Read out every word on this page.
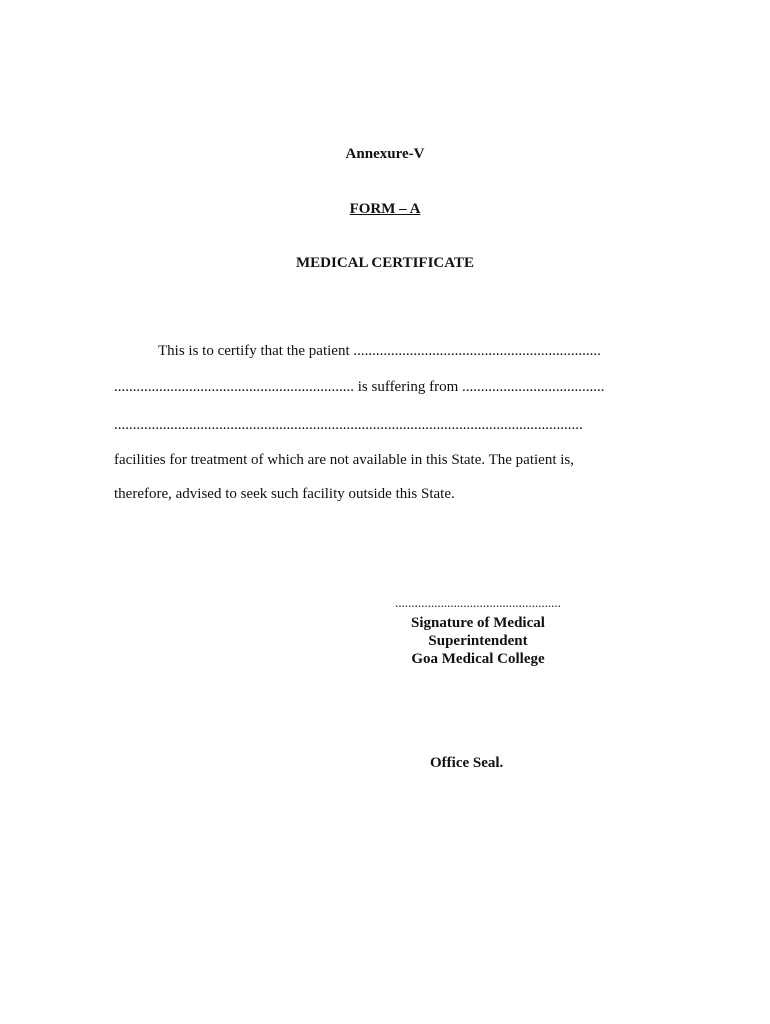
Annexure-V
FORM – A
MEDICAL CERTIFICATE
This is to certify that the patient ..................................................................
................................................................ is suffering from ......................................
.............................................................................................................................
facilities for treatment of which are not available in this State. The patient is,
therefore, advised to seek such facility outside this State.
...................................................
Signature of Medical
Superintendent
Goa Medical College
Office Seal.
